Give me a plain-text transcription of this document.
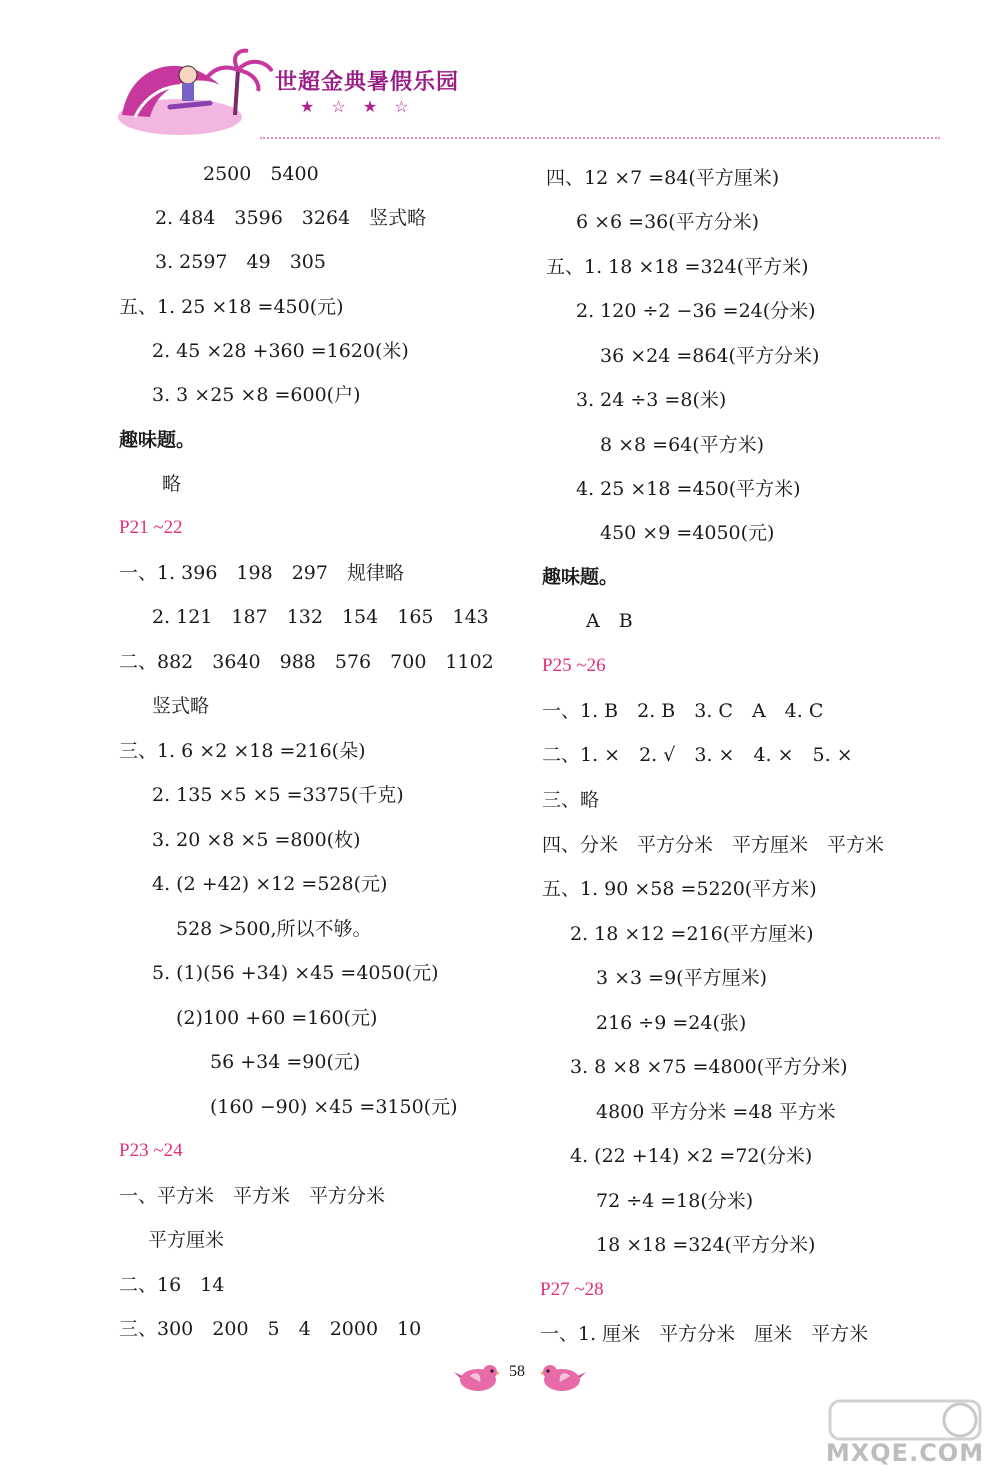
世超金典暑假乐园
★ ☆ ★ ☆
2500　5400
2. 484　3596　3264　竖式略
3. 2597　49　305
五、1. 25 ×18 =450(元)
2. 45 ×28 +360 =1620(米)
3. 3 ×25 ×8 =600(户)
趣味题。
略
P21 ~22
一、1. 396　198　297　规律略
2. 121　187　132　154　165　143
二、882　3640　988　576　700　1102
竖式略
三、1. 6 ×2 ×18 =216(朵)
2. 135 ×5 ×5 =3375(千克)
3. 20 ×8 ×5 =800(枚)
4. (2 +42) ×12 =528(元)
528 >500,所以不够。
5. (1)(56 +34) ×45 =4050(元)
(2)100 +60 =160(元)
56 +34 =90(元)
(160 −90) ×45 =3150(元)
P23 ~24
一、平方米　平方米　平方分米
平方厘米
二、16　14
三、300　200　5　4　2000　10
四、12 ×7 =84(平方厘米)
6 ×6 =36(平方分米)
五、1. 18 ×18 =324(平方米)
2. 120 ÷2 −36 =24(分米)
36 ×24 =864(平方分米)
3. 24 ÷3 =8(米)
8 ×8 =64(平方米)
4. 25 ×18 =450(平方米)
450 ×9 =4050(元)
趣味题。
A　B
P25 ~26
一、1. B　2. B　3. C　A　4. C
二、1. ×　2. √　3. ×　4. ×　5. ×
三、略
四、分米　平方分米　平方厘米　平方米
五、1. 90 ×58 =5220(平方米)
2. 18 ×12 =216(平方厘米)
3 ×3 =9(平方厘米)
216 ÷9 =24(张)
3. 8 ×8 ×75 =4800(平方分米)
4800 平方分米 =48 平方米
4. (22 +14) ×2 =72(分米)
72 ÷4 =18(分米)
18 ×18 =324(平方分米)
P27 ~28
一、1. 厘米　平方分米　厘米　平方米
58
MXQE.COM
